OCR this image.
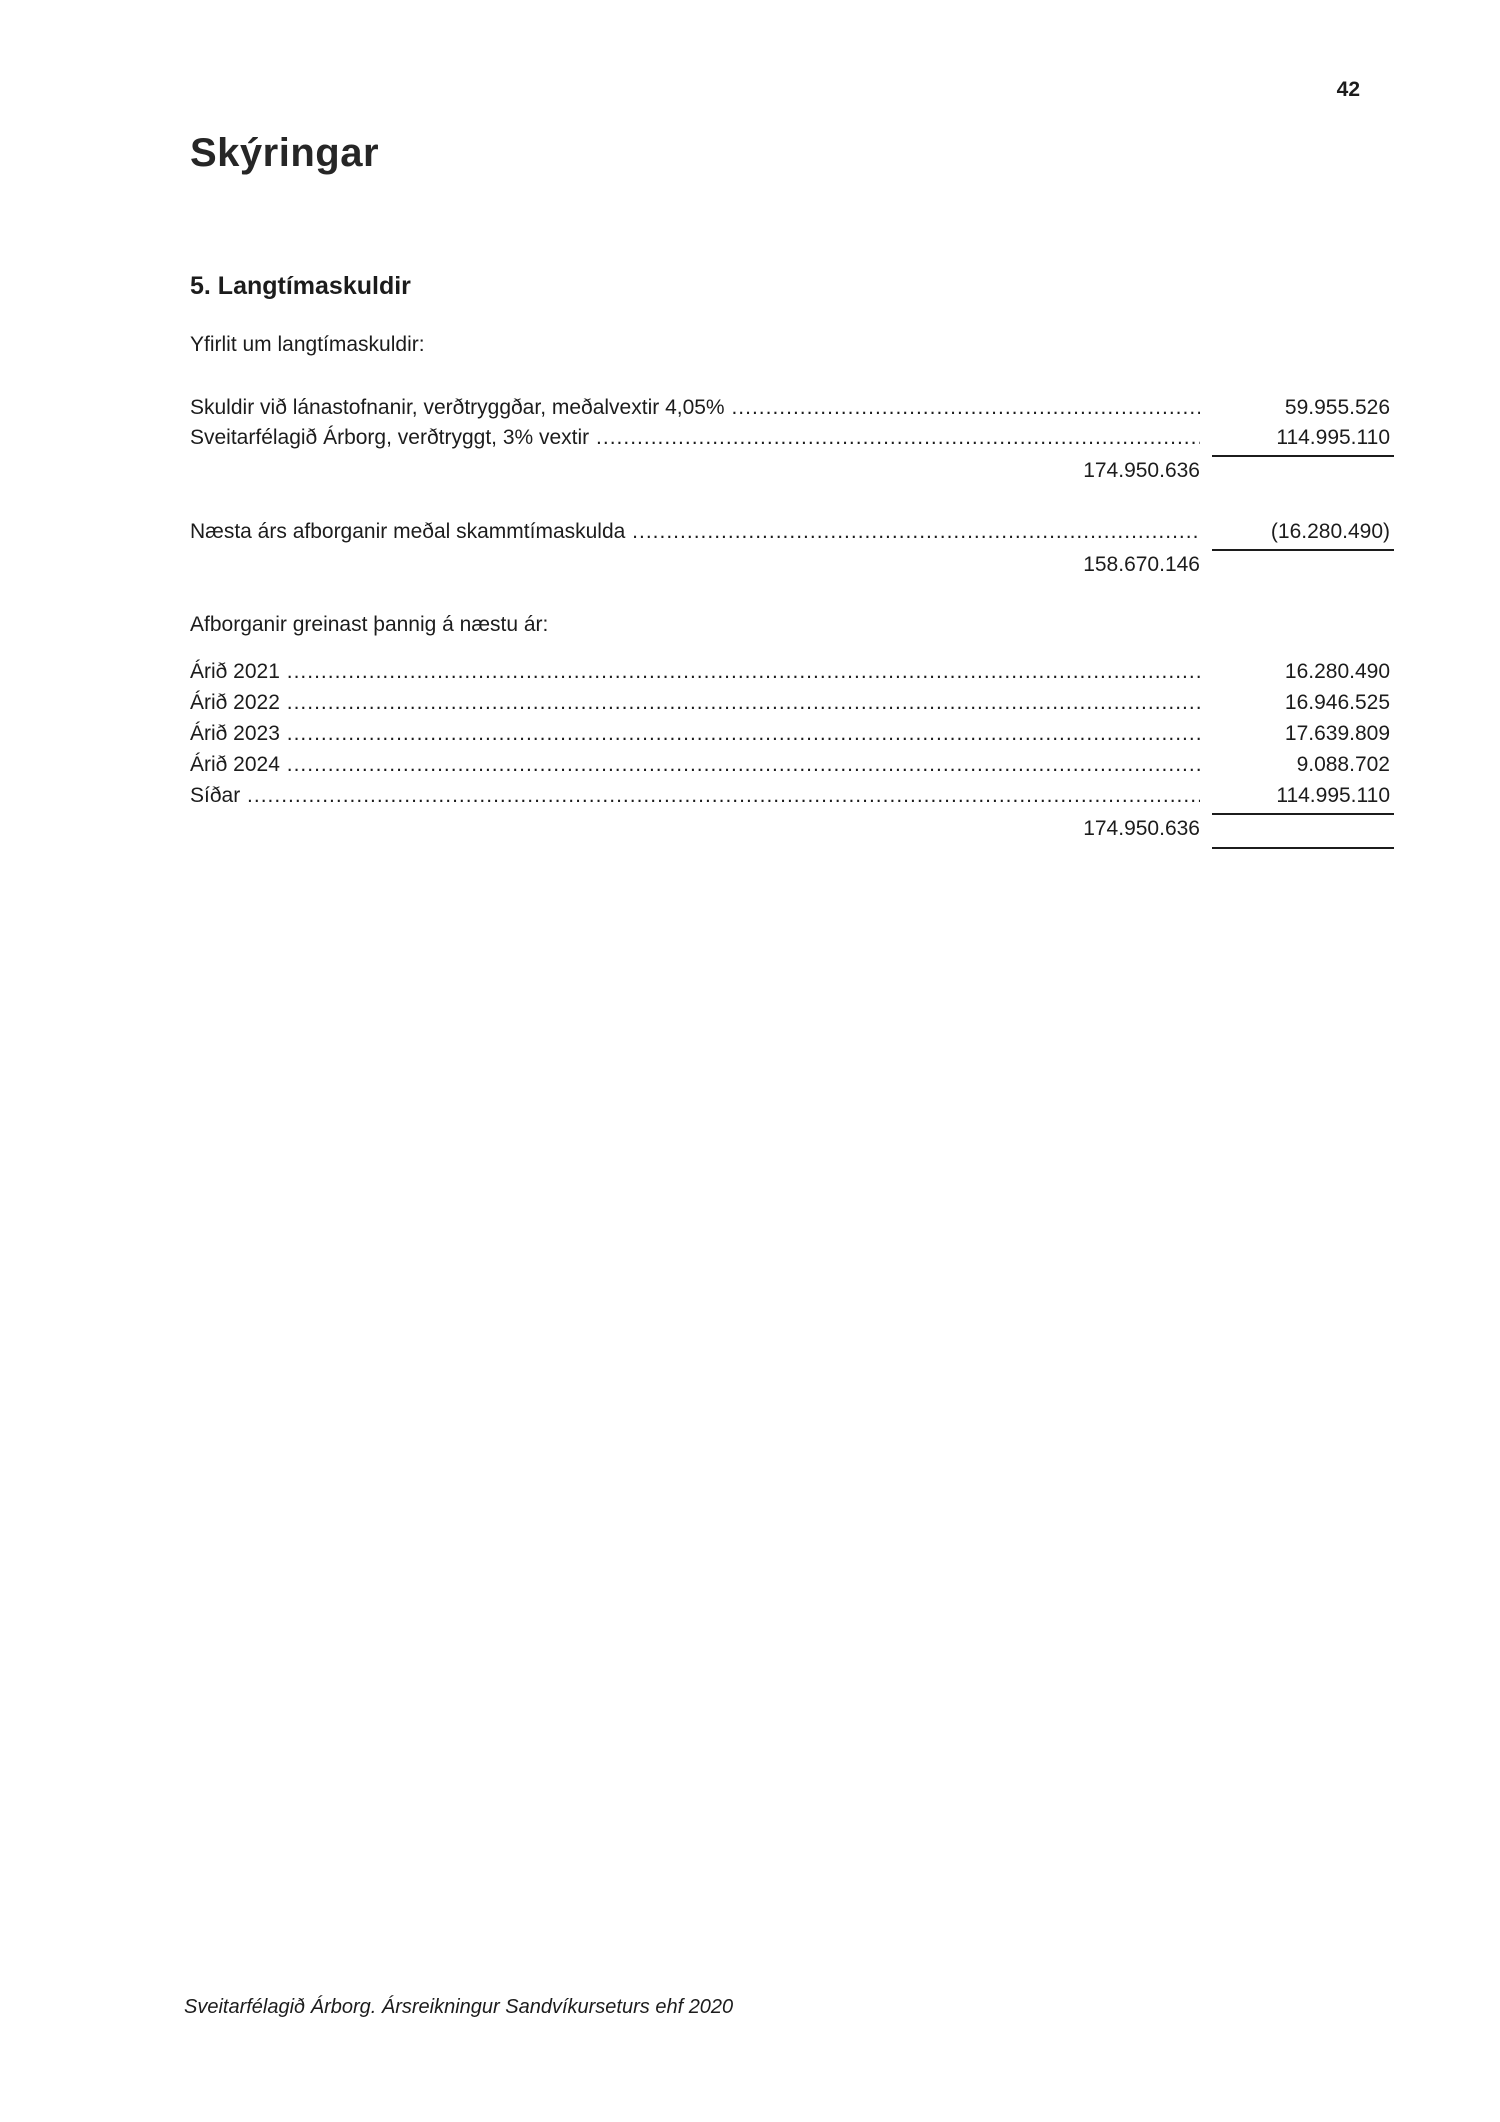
42
Skýringar
5. Langtímaskuldir
Yfirlit um langtímaskuldir:
Skuldir við lánastofnanir, verðtryggðar, meðalvextir 4,05% .....	59.955.526
Sveitarfélagið Árborg, verðtryggt, 3% vextir .....	114.995.110
174.950.636
Næsta árs afborganir meðal skammtímaskulda .....	(16.280.490)
158.670.146
Afborganir greinast þannig á næstu ár:
Árið 2021 .....	16.280.490
Árið 2022 .....	16.946.525
Árið 2023 .....	17.639.809
Árið 2024 .....	9.088.702
Síðar .....	114.995.110
174.950.636
Sveitarfélagið Árborg. Ársreikningur Sandvíkurseturs ehf 2020
